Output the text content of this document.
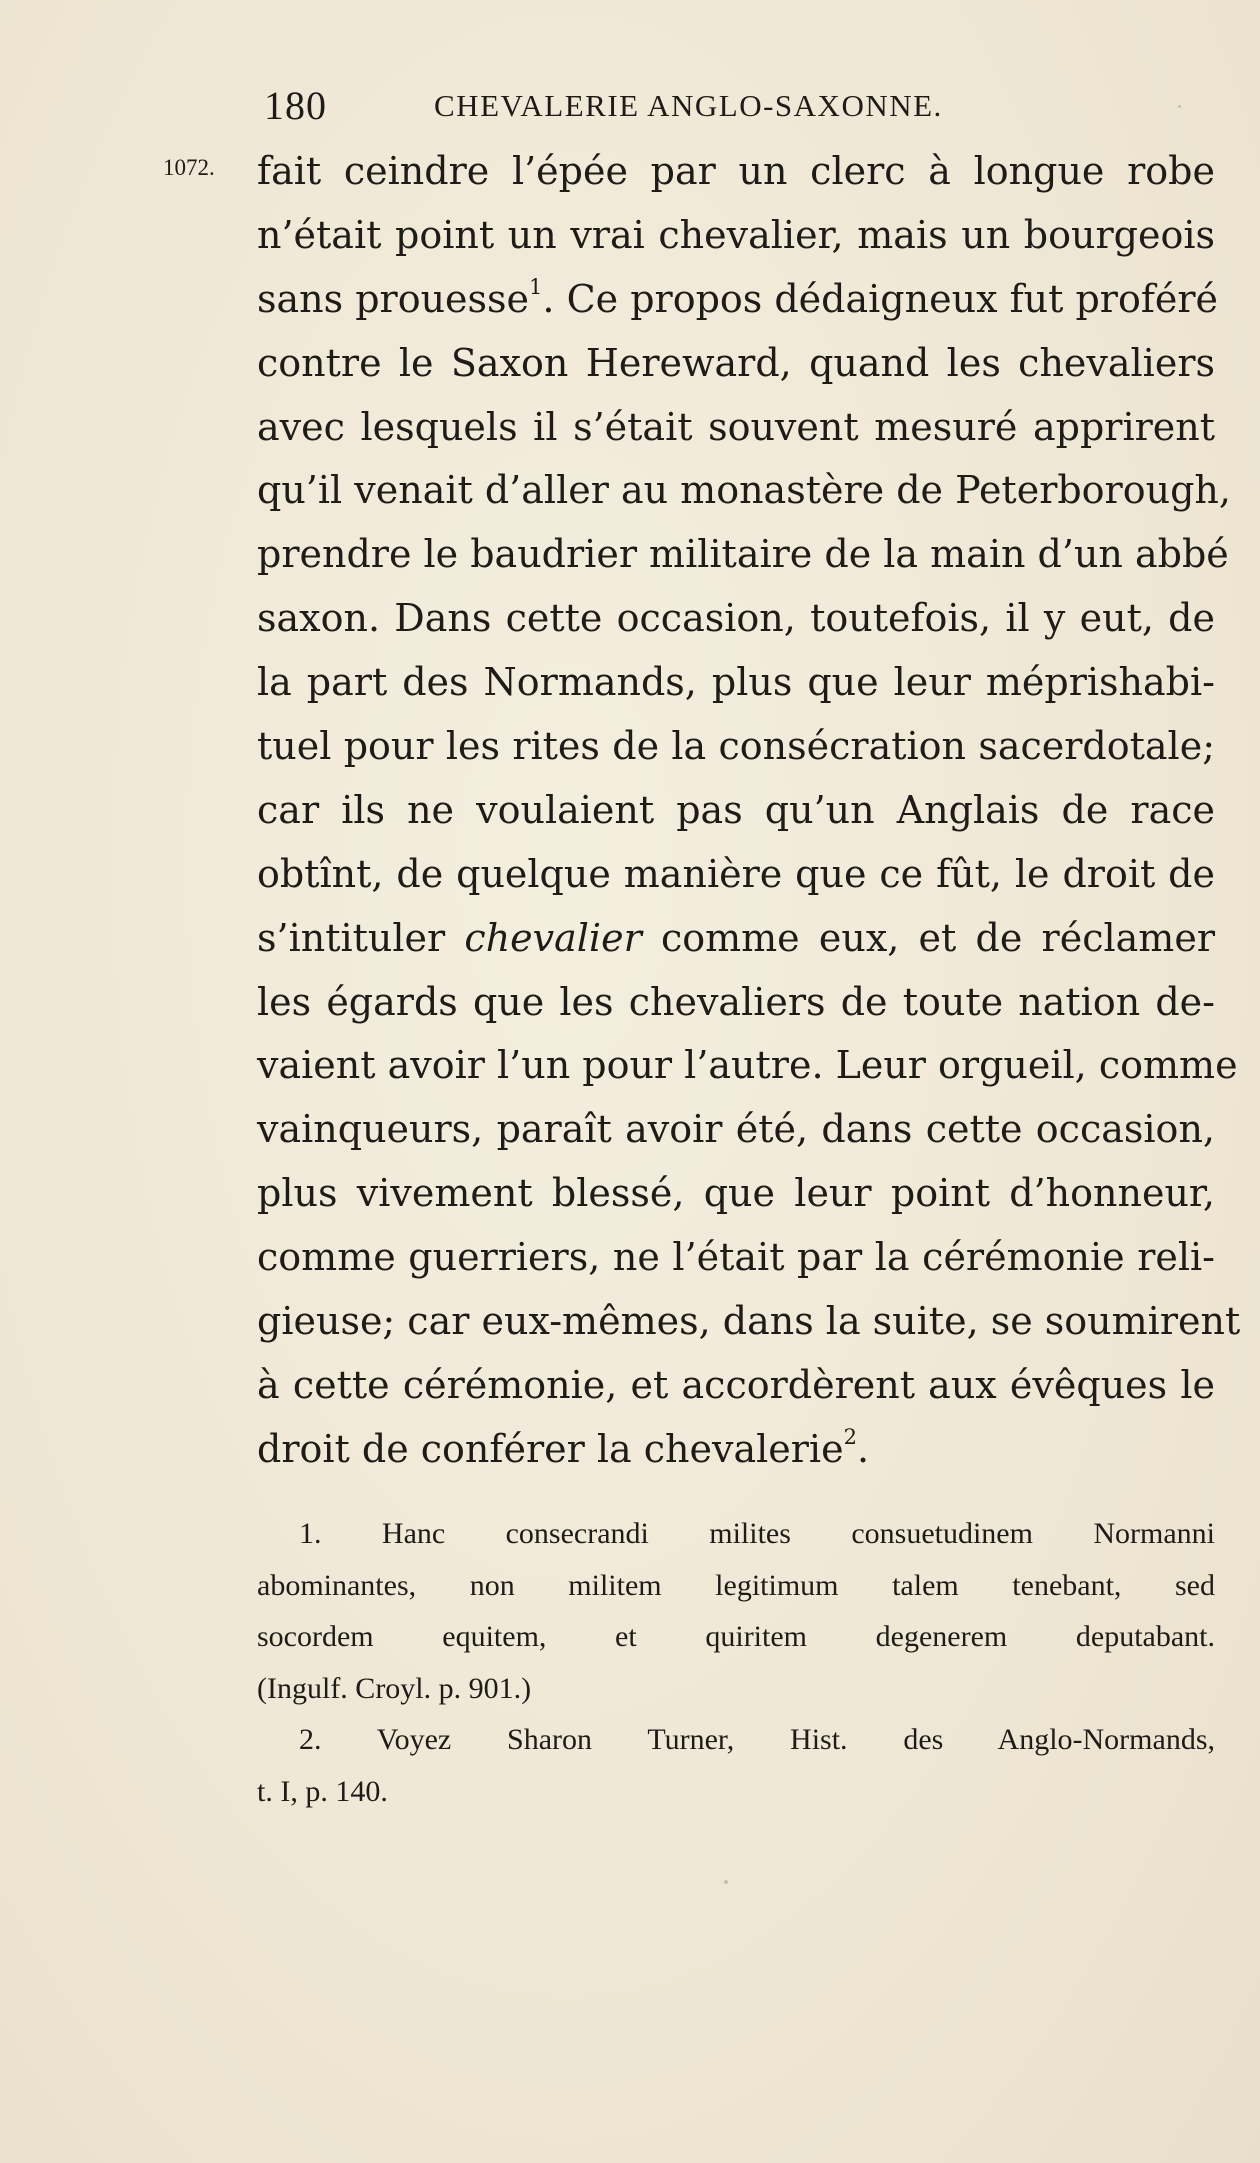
180	CHEVALERIE ANGLO-SAXONNE.
1072. fait ceindre l’épée par un clerc à longue robe
n’était point un vrai chevalier, mais un bourgeois
sans prouesse$^1$. Ce propos dédaigneux fut proféré
contre le Saxon Hereward, quand les chevaliers
avec lesquels il s’était souvent mesuré apprirent
qu’il venait d’aller au monastère de Peterborough,
prendre le baudrier militaire de la main d’un abbé
saxon. Dans cette occasion, toutefois, il y eut, de
la part des Normands, plus que leur méprishabi-
tuel pour les rites de la consécration sacerdotale;
car ils ne voulaient pas qu’un Anglais de race
obtînt, de quelque manière que ce fût, le droit de
s’intituler chevalier comme eux, et de réclamer
les égards que les chevaliers de toute nation de-
vaient avoir l’un pour l’autre. Leur orgueil, comme
vainqueurs, paraît avoir été, dans cette occasion,
plus vivement blessé, que leur point d’honneur,
comme guerriers, ne l’était par la cérémonie reli-
gieuse; car eux-mêmes, dans la suite, se soumirent
à cette cérémonie, et accordèrent aux évêques le
droit de conférer la chevalerie$^2$.
1. Hanc consecrandi milites consuetudinem Normanni
abominantes, non militem legitimum talem tenebant, sed
socordem equitem, et quiritem degenerem deputabant.
(Ingulf. Croyl. p. 901.)
2. Voyez Sharon Turner, Hist. des Anglo-Normands,
t. I, p. 140.
